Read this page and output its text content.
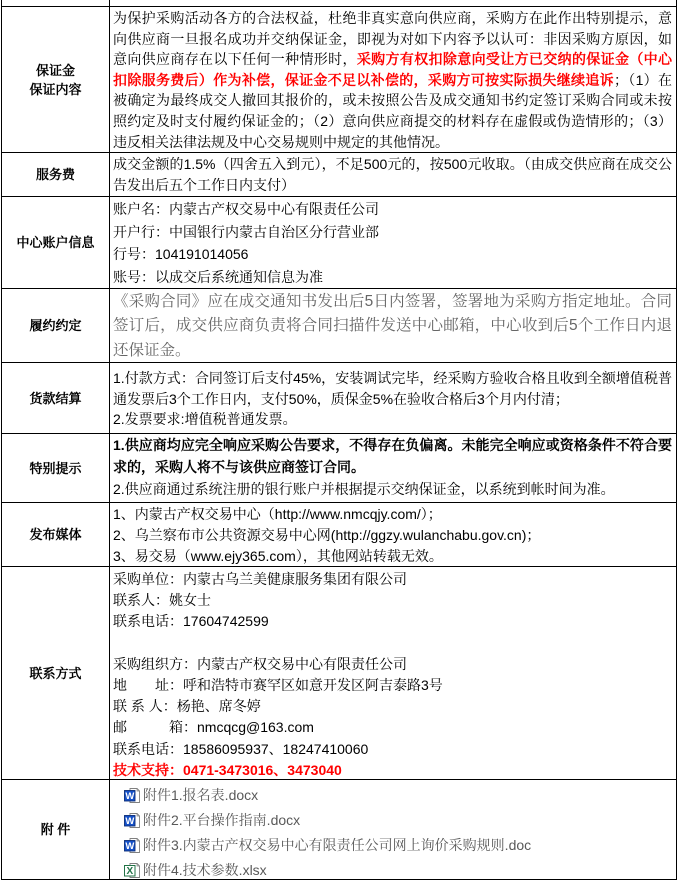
保证金
保证内容
为保护采购活动各方的合法权益，杜绝非真实意向供应商，采购方在此作出特别提示，意向供应商一旦报名成功并交纳保证金，即视为对如下内容予以认可：非因采购方原因，如意向供应商存在以下任何一种情形时，采购方有权扣除意向受让方已交纳的保证金（中心扣除服务费后）作为补偿，保证金不足以补偿的，采购方可按实际损失继续追诉；（1）在被确定为最终成交人撤回其报价的，或未按照公告及成交通知书约定签订采购合同或未按照约定及时支付履约保证金的；（2）意向供应商提交的材料存在虚假或伪造情形的；（3）违反相关法律法规及中心交易规则中规定的其他情况。
服务费
成交金额的1.5%（四舍五入到元），不足500元的，按500元收取。（由成交供应商在成交公告发出后五个工作日内支付）
中心账户信息
账户名：内蒙古产权交易中心有限责任公司
开户行：中国银行内蒙古自治区分行营业部
行号：104191014056
账号：以成交后系统通知信息为准
履约约定
《采购合同》应在成交通知书发出后5日内签署，签署地为采购方指定地址。合同签订后，成交供应商负责将合同扫描件发送中心邮箱，中心收到后5个工作日内退还保证金。
货款结算
1.付款方式：合同签订后支付45%，安装调试完毕，经采购方验收合格且收到全额增值税普通发票后3个工作日内，支付50%，质保金5%在验收合格后3个月内付清；
2.发票要求:增值税普通发票。
特别提示
1.供应商均应完全响应采购公告要求，不得存在负偏离。未能完全响应或资格条件不符合要求的，采购人将不与该供应商签订合同。
2.供应商通过系统注册的银行账户并根据提示交纳保证金，以系统到帐时间为准。
发布媒体
1、内蒙古产权交易中心（http://www.nmcqjy.com/）；
2、乌兰察布市公共资源交易中心网(http://ggzy.wulanchabu.gov.cn)；
3、易交易（www.ejy365.com），其他网站转载无效。
联系方式
采购单位：内蒙古乌兰美健康服务集团有限公司
联系人：姚女士
联系电话：17604742599
采购组织方：内蒙古产权交易中心有限责任公司
地　　址：呼和浩特市赛罕区如意开发区阿吉泰路3号
联 系 人：杨艳、席冬婷
邮　　　箱：nmcqcg@163.com
联系电话：18586095937、18247410060
技术支持：0471-3473016、3473040
附 件
W 附件1.报名表.docx
W 附件2.平台操作指南.docx
W 附件3.内蒙古产权交易中心有限责任公司网上询价采购规则.doc
X 附件4.技术参数.xlsx
